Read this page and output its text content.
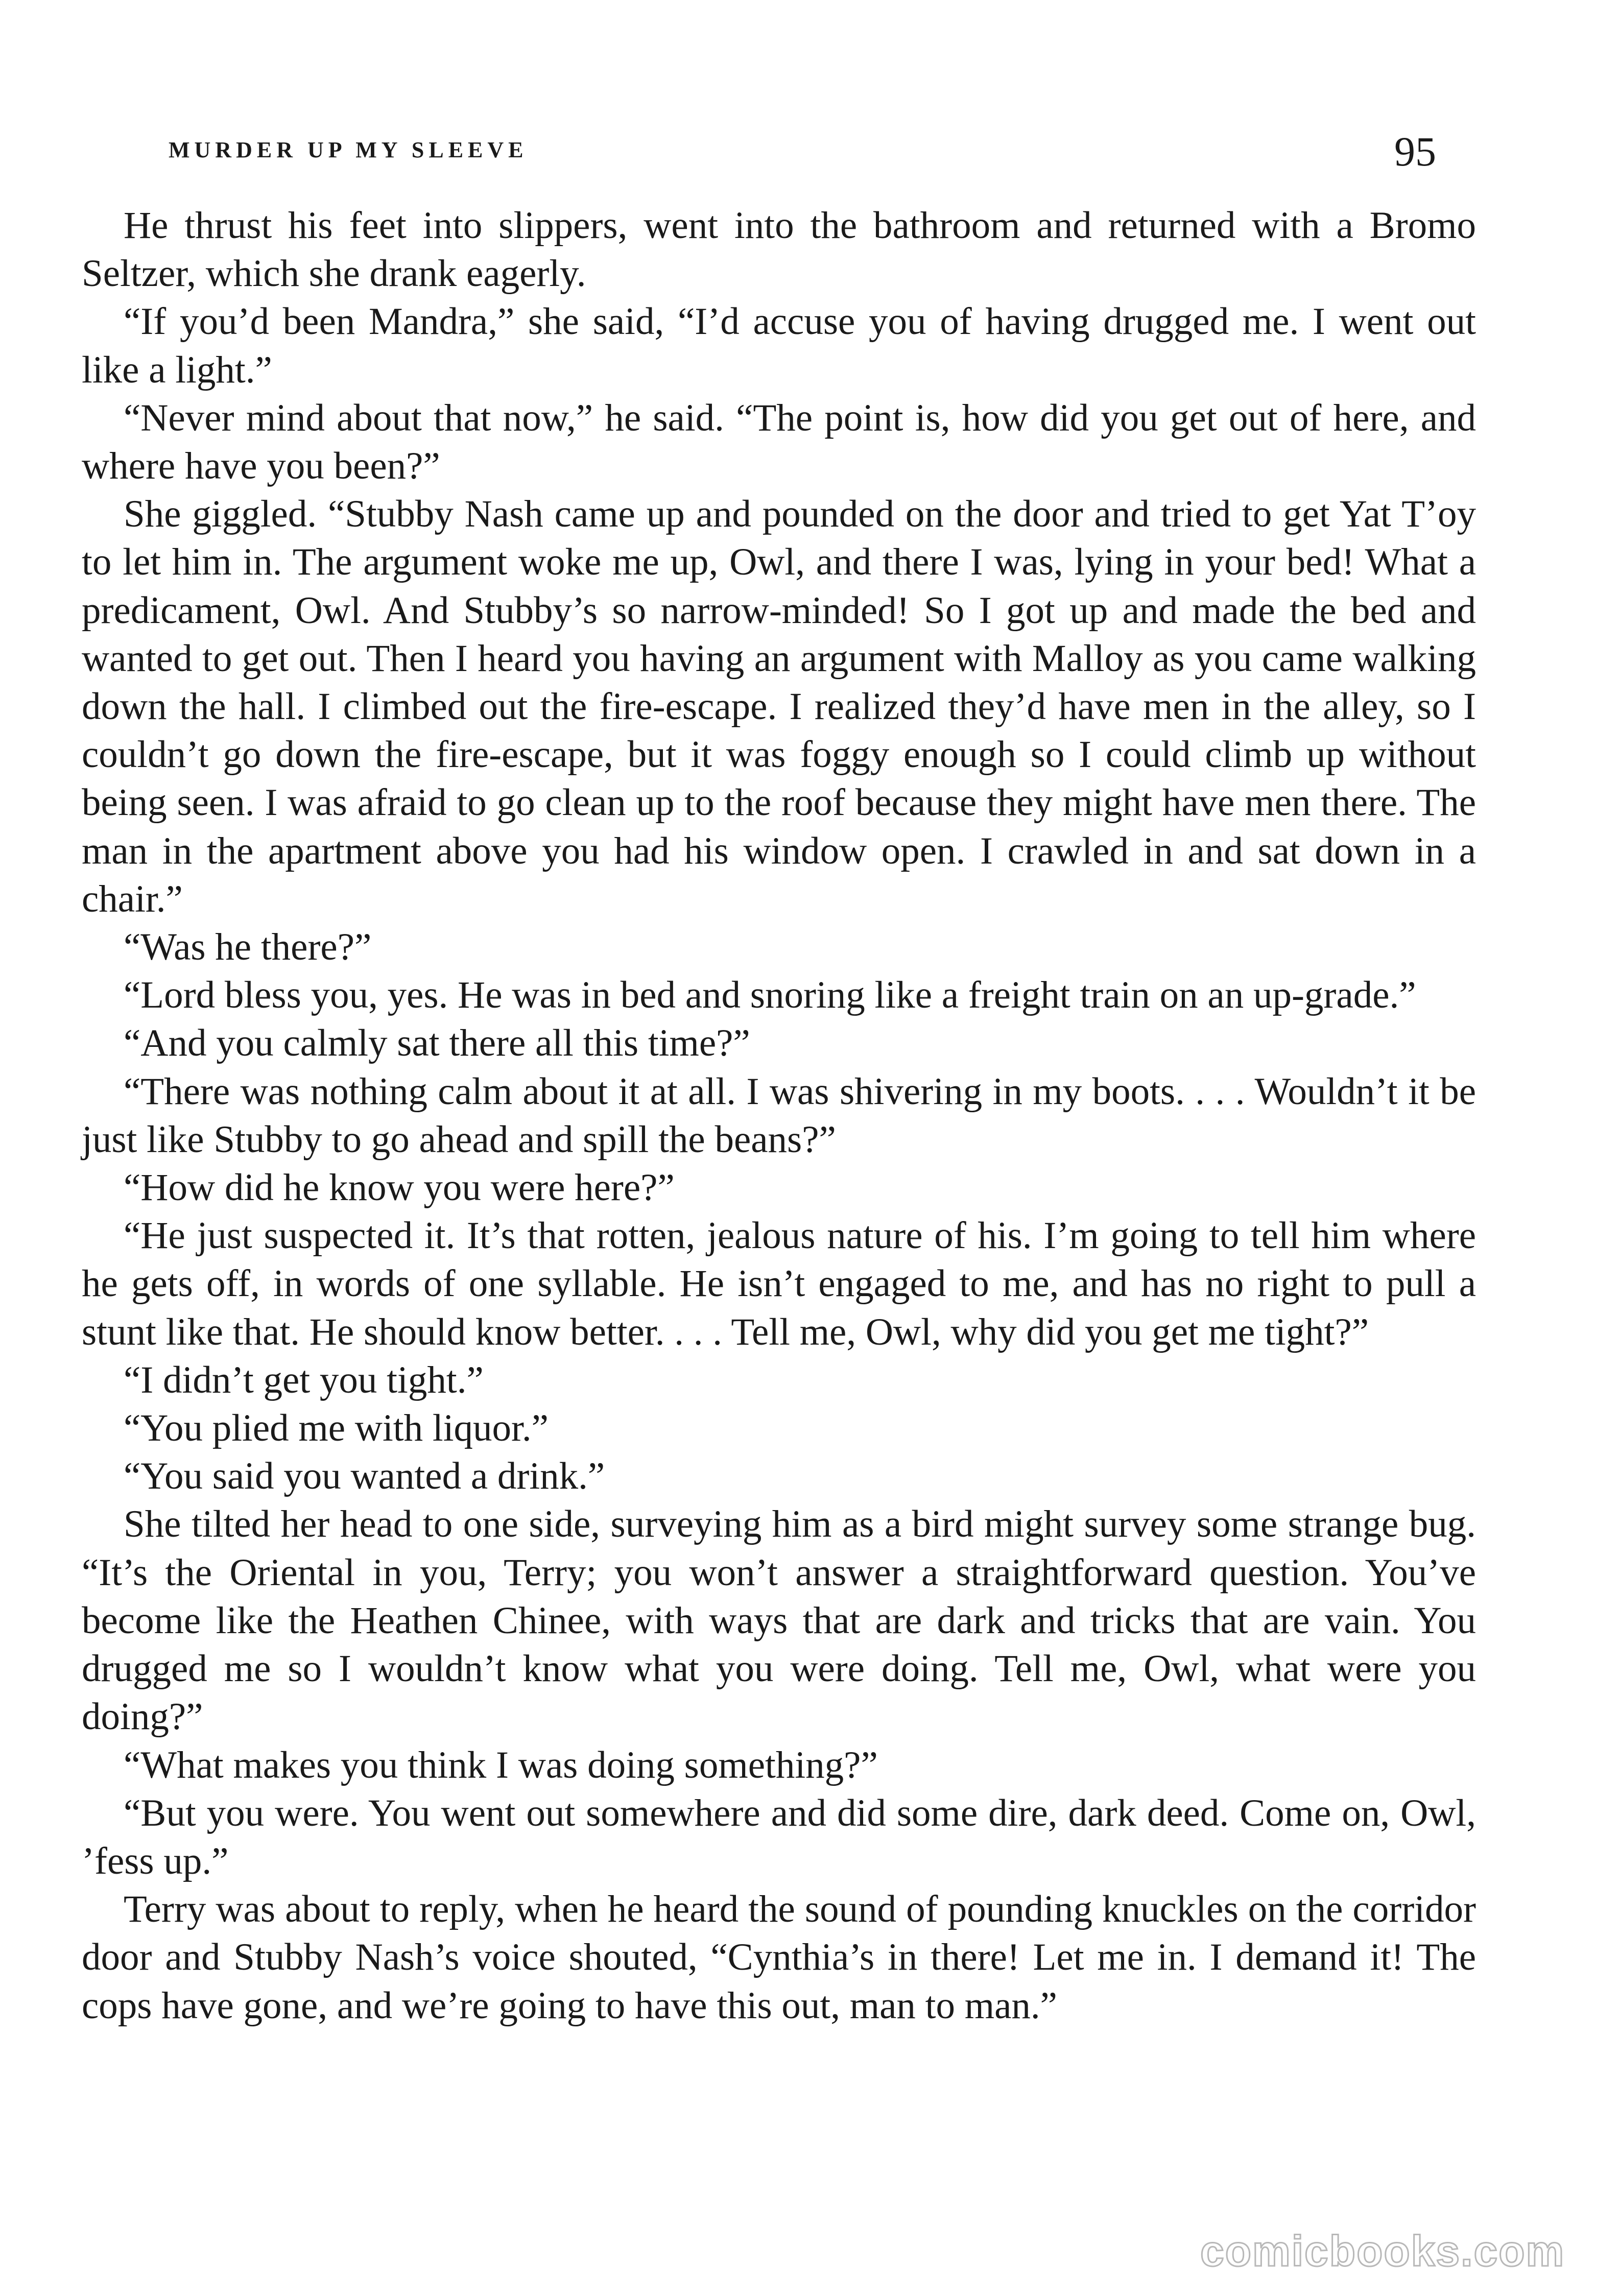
MURDER UP MY SLEEVE	95

He thrust his feet into slippers, went into the bathroom and returned with a Bromo Seltzer, which she drank eagerly.

“If you’d been Mandra,” she said, “I’d accuse you of having drugged me. I went out like a light.”

“Never mind about that now,” he said. “The point is, how did you get out of here, and where have you been?”

She giggled. “Stubby Nash came up and pounded on the door and tried to get Yat T’oy to let him in. The argument woke me up, Owl, and there I was, lying in your bed! What a predicament, Owl. And Stubby’s so narrow-minded! So I got up and made the bed and wanted to get out. Then I heard you having an argument with Malloy as you came walking down the hall. I climbed out the fire-escape. I realized they’d have men in the alley, so I couldn’t go down the fire-escape, but it was foggy enough so I could climb up without being seen. I was afraid to go clean up to the roof because they might have men there. The man in the apartment above you had his window open. I crawled in and sat down in a chair.”

“Was he there?”

“Lord bless you, yes. He was in bed and snoring like a freight train on an up-grade.”

“And you calmly sat there all this time?”

“There was nothing calm about it at all. I was shivering in my boots. . . . Wouldn’t it be just like Stubby to go ahead and spill the beans?”

“How did he know you were here?”

“He just suspected it. It’s that rotten, jealous nature of his. I’m going to tell him where he gets off, in words of one syllable. He isn’t engaged to me, and has no right to pull a stunt like that. He should know better. . . . Tell me, Owl, why did you get me tight?”

“I didn’t get you tight.”

“You plied me with liquor.”

“You said you wanted a drink.”

She tilted her head to one side, surveying him as a bird might survey some strange bug. “It’s the Oriental in you, Terry; you won’t answer a straightforward question. You’ve become like the Heathen Chinee, with ways that are dark and tricks that are vain. You drugged me so I wouldn’t know what you were doing. Tell me, Owl, what were you doing?”

“What makes you think I was doing something?”

“But you were. You went out somewhere and did some dire, dark deed. Come on, Owl, ’fess up.”

Terry was about to reply, when he heard the sound of pounding knuckles on the corridor door and Stubby Nash’s voice shouted, “Cynthia’s in there! Let me in. I demand it! The cops have gone, and we’re going to have this out, man to man.”

comicbooks.com
